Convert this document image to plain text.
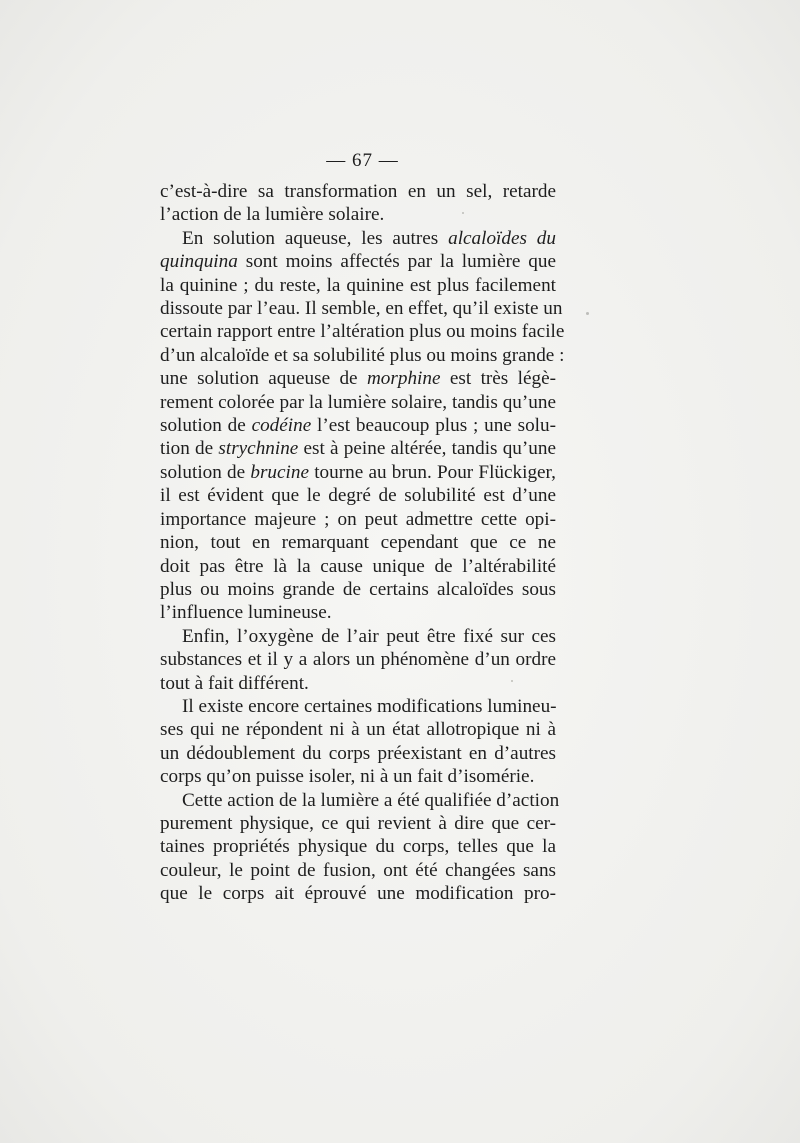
— 67 —
c’est-à-dire sa transformation en un sel, retarde
l’action de la lumière solaire.
En solution aqueuse, les autres alcaloïdes du
quinquina sont moins affectés par la lumière que
la quinine ; du reste, la quinine est plus facilement
dissoute par l’eau. Il semble, en effet, qu’il existe un
certain rapport entre l’altération plus ou moins facile
d’un alcaloïde et sa solubilité plus ou moins grande :
une solution aqueuse de morphine est très légè-
rement colorée par la lumière solaire, tandis qu’une
solution de codéine l’est beaucoup plus ; une solu-
tion de strychnine est à peine altérée, tandis qu’une
solution de brucine tourne au brun. Pour Flückiger,
il est évident que le degré de solubilité est d’une
importance majeure ; on peut admettre cette opi-
nion, tout en remarquant cependant que ce ne
doit pas être là la cause unique de l’altérabilité
plus ou moins grande de certains alcaloïdes sous
l’influence lumineuse.
Enfin, l’oxygène de l’air peut être fixé sur ces
substances et il y a alors un phénomène d’un ordre
tout à fait différent.
Il existe encore certaines modifications lumineu-
ses qui ne répondent ni à un état allotropique ni à
un dédoublement du corps préexistant en d’autres
corps qu’on puisse isoler, ni à un fait d’isomérie.
Cette action de la lumière a été qualifiée d’action
purement physique, ce qui revient à dire que cer-
taines propriétés physique du corps, telles que la
couleur, le point de fusion, ont été changées sans
que le corps ait éprouvé une modification pro-
